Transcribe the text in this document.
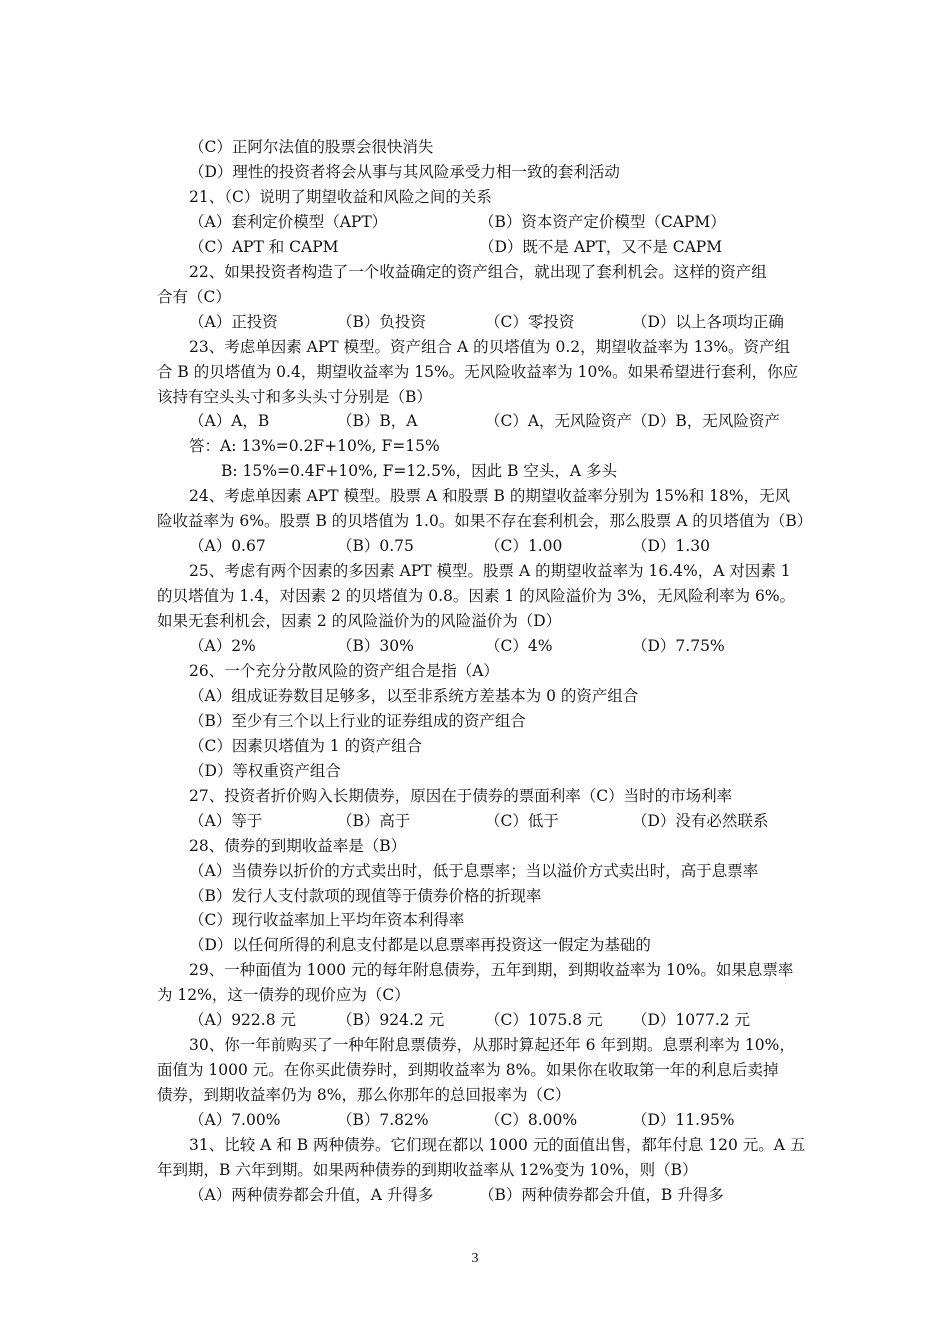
（C）正阿尔法值的股票会很快消失
（D）理性的投资者将会从事与其风险承受力相一致的套利活动
21、（C）说明了期望收益和风险之间的关系
（A）套利定价模型（APT）	（B）资本资产定价模型（CAPM）
（C）APT 和 CAPM	（D）既不是 APT，又不是 CAPM
22、如果投资者构造了一个收益确定的资产组合，就出现了套利机会。这样的资产组
合有（C）
（A）正投资	（B）负投资	（C）零投资	（D）以上各项均正确
23、考虑单因素 APT 模型。资产组合 A 的贝塔值为 0.2，期望收益率为 13%。资产组
合 B 的贝塔值为 0.4，期望收益率为 15%。无风险收益率为 10%。如果希望进行套利，你应
该持有空头头寸和多头头寸分别是（B）
（A）A，B	（B）B，A	（C）A，无风险资产 （D）B，无风险资产
答：A: 13%=0.2F+10%, F=15%
B: 15%=0.4F+10%, F=12.5%，因此 B 空头，A 多头
24、考虑单因素 APT 模型。股票 A 和股票 B 的期望收益率分别为 15%和 18%，无风
险收益率为 6%。股票 B 的贝塔值为 1.0。如果不存在套利机会，那么股票 A 的贝塔值为（B）
（A）0.67	（B）0.75	（C）1.00	（D）1.30
25、考虑有两个因素的多因素 APT 模型。股票 A 的期望收益率为 16.4%，A 对因素 1
的贝塔值为 1.4，对因素 2 的贝塔值为 0.8。因素 1 的风险溢价为 3%，无风险利率为 6%。
如果无套利机会，因素 2 的风险溢价为的风险溢价为（D）
（A）2%	（B）30%	（C）4%	（D）7.75%
26、一个充分分散风险的资产组合是指（A）
（A）组成证券数目足够多，以至非系统方差基本为 0 的资产组合
（B）至少有三个以上行业的证券组成的资产组合
（C）因素贝塔值为 1 的资产组合
（D）等权重资产组合
27、投资者折价购入长期债券，原因在于债券的票面利率（C）当时的市场利率
（A）等于	（B）高于	（C）低于	（D）没有必然联系
28、债券的到期收益率是（B）
（A）当债券以折价的方式卖出时，低于息票率；当以溢价方式卖出时，高于息票率
（B）发行人支付款项的现值等于债券价格的折现率
（C）现行收益率加上平均年资本利得率
（D）以任何所得的利息支付都是以息票率再投资这一假定为基础的
29、一种面值为 1000 元的每年附息债券，五年到期，到期收益率为 10%。如果息票率
为 12%，这一债券的现价应为（C）
（A）922.8 元	（B）924.2 元	（C）1075.8 元 （D）1077.2 元
30、你一年前购买了一种年附息票债券，从那时算起还年 6 年到期。息票利率为 10%，
面值为 1000 元。在你买此债券时，到期收益率为 8%。如果你在收取第一年的利息后卖掉
债券，到期收益率仍为 8%，那么你那年的总回报率为（C）
（A）7.00%	（B）7.82%	（C）8.00%	（D）11.95%
31、比较 A 和 B 两种债券。它们现在都以 1000 元的面值出售，都年付息 120 元。A 五
年到期，B 六年到期。如果两种债券的到期收益率从 12%变为 10%，则（B）
（A）两种债券都会升值，A 升得多	（B）两种债券都会升值，B 升得多
3
